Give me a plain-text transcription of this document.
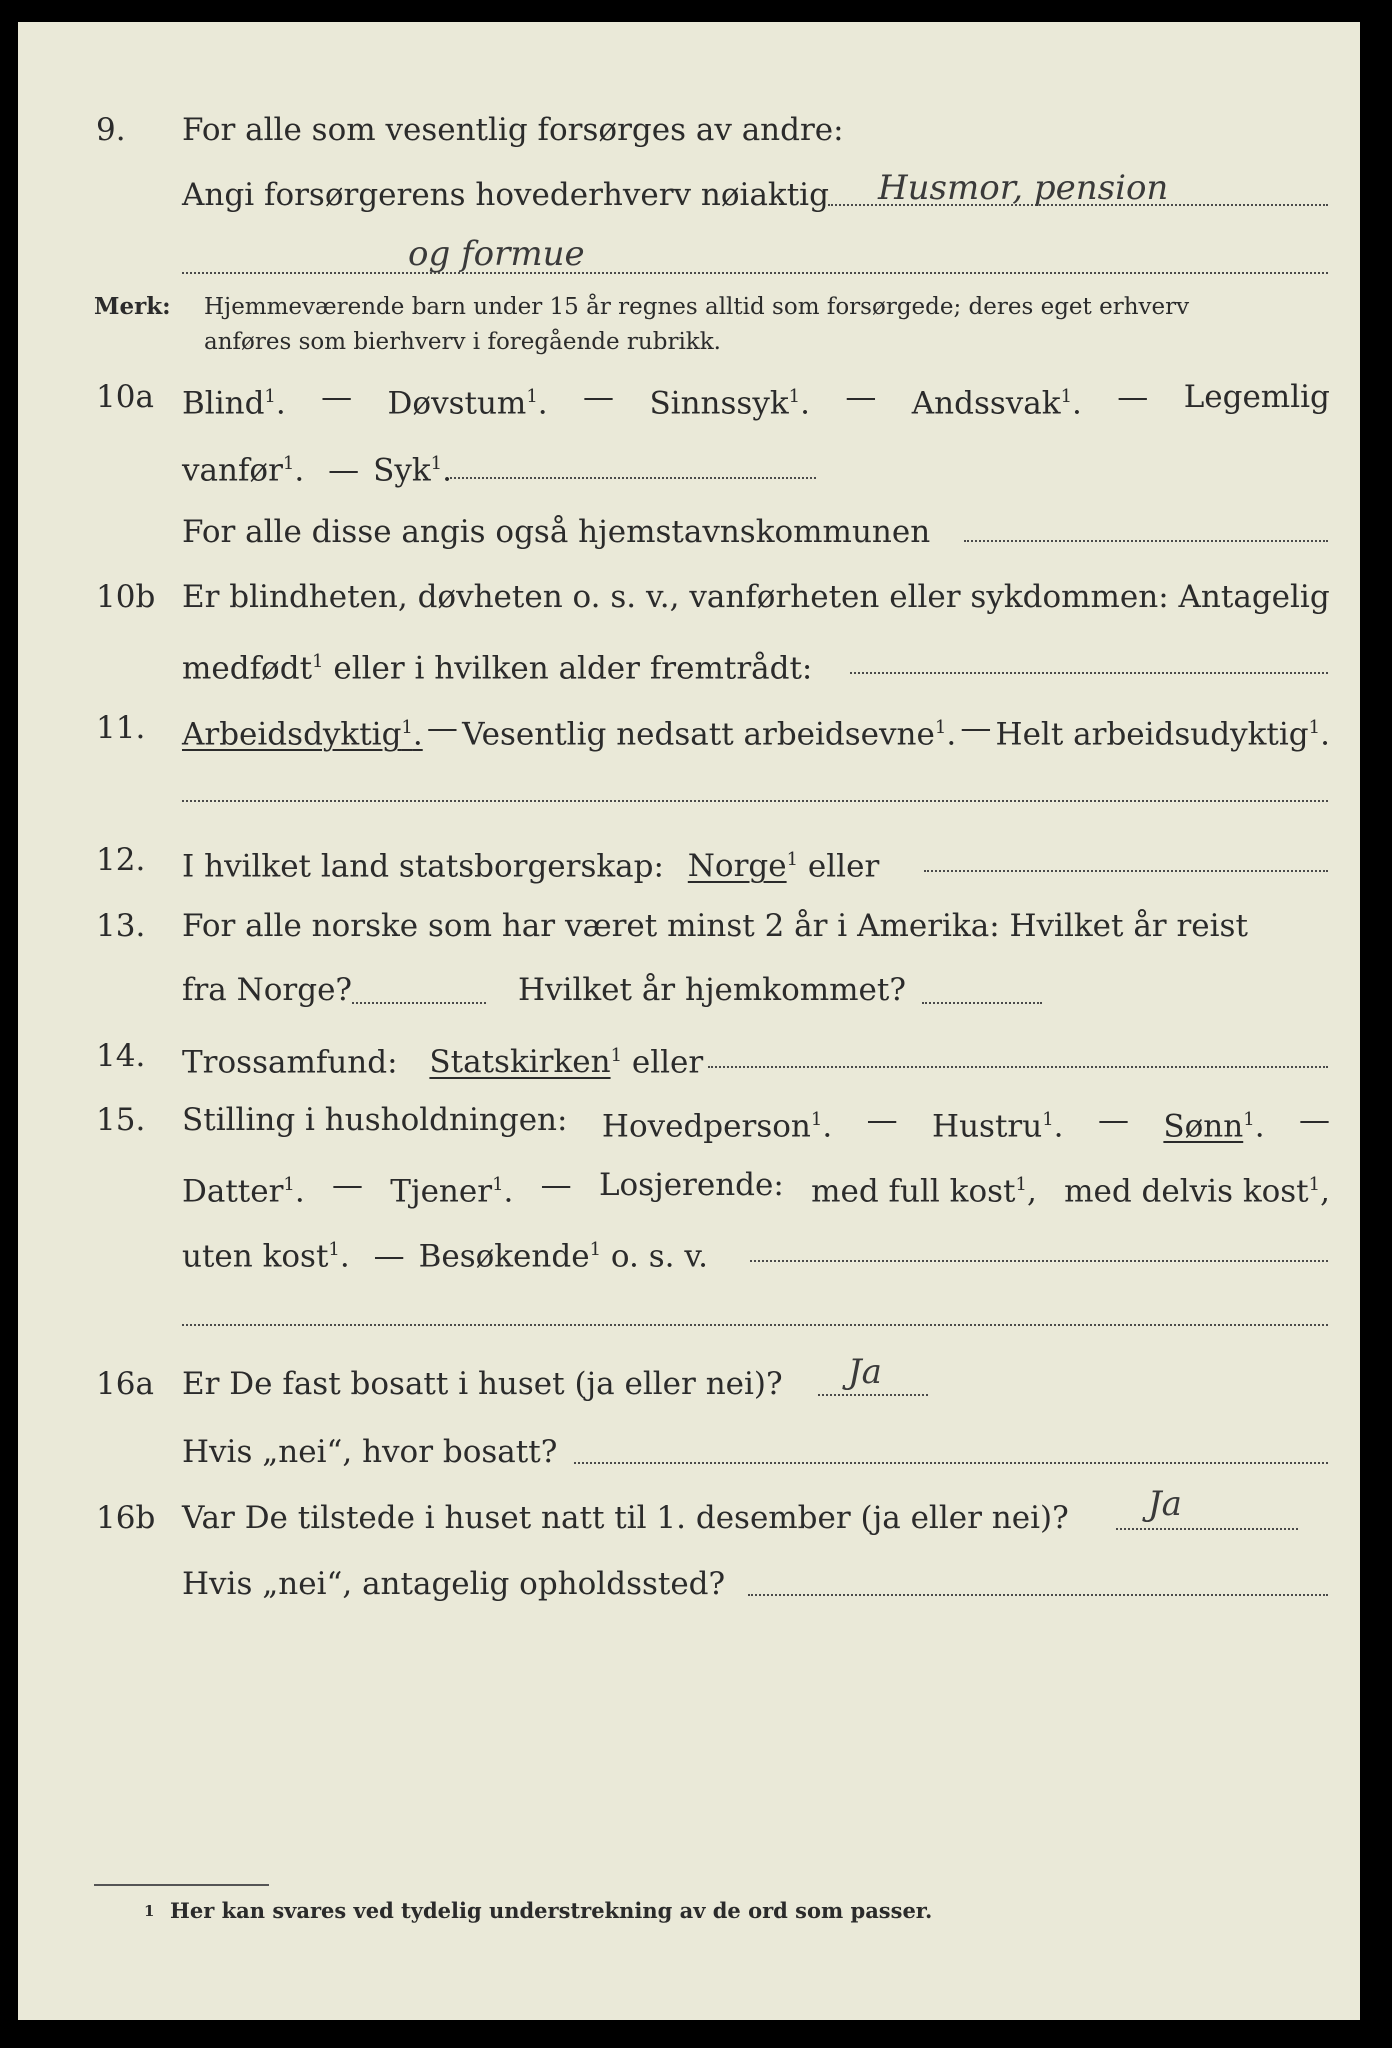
9. For alle som vesentlig forsørges av andre:
Angi forsørgerens hovederhverv nøiaktig Husmor, pension
og formue
Merk: Hjemmeværende barn under 15 år regnes alltid som forsørgede; deres eget erhverv
anføres som bierhverv i foregående rubrikk.
10a Blind$^1$. — Døvstum$^1$. — Sinnssyk$^1$. — Andssvak$^1$. — Legemlig
vanfør$^1$. — Syk$^1$.
For alle disse angis også hjemstavnskommunen
10b Er blindheten, døvheten o. s. v., vanførheten eller sykdommen: Antagelig
medfødt$^1$ eller i hvilken alder fremtrådt:
11. Arbeidsdyktig$^1$. — Vesentlig nedsatt arbeidsevne$^1$. — Helt arbeidsudyktig$^1$.
12. I hvilket land statsborgerskap: Norge$^1$ eller
13. For alle norske som har været minst 2 år i Amerika: Hvilket år reist
fra Norge?	Hvilket år hjemkommet?
14. Trossamfund: Statskirken$^1$ eller
15. Stilling i husholdningen: Hovedperson$^1$. — Hustru$^1$. — Sønn$^1$. —
Datter$^1$. — Tjener$^1$. — Losjerende: med full kost$^1$, med delvis kost$^1$,
uten kost$^1$. — Besøkende$^1$ o. s. v.
16a Er De fast bosatt i huset (ja eller nei)? Ja
Hvis „nei“, hvor bosatt?
16b Var De tilstede i huset natt til 1. desember (ja eller nei)? Ja
Hvis „nei“, antagelig opholdssted?
1 Her kan svares ved tydelig understrekning av de ord som passer.
